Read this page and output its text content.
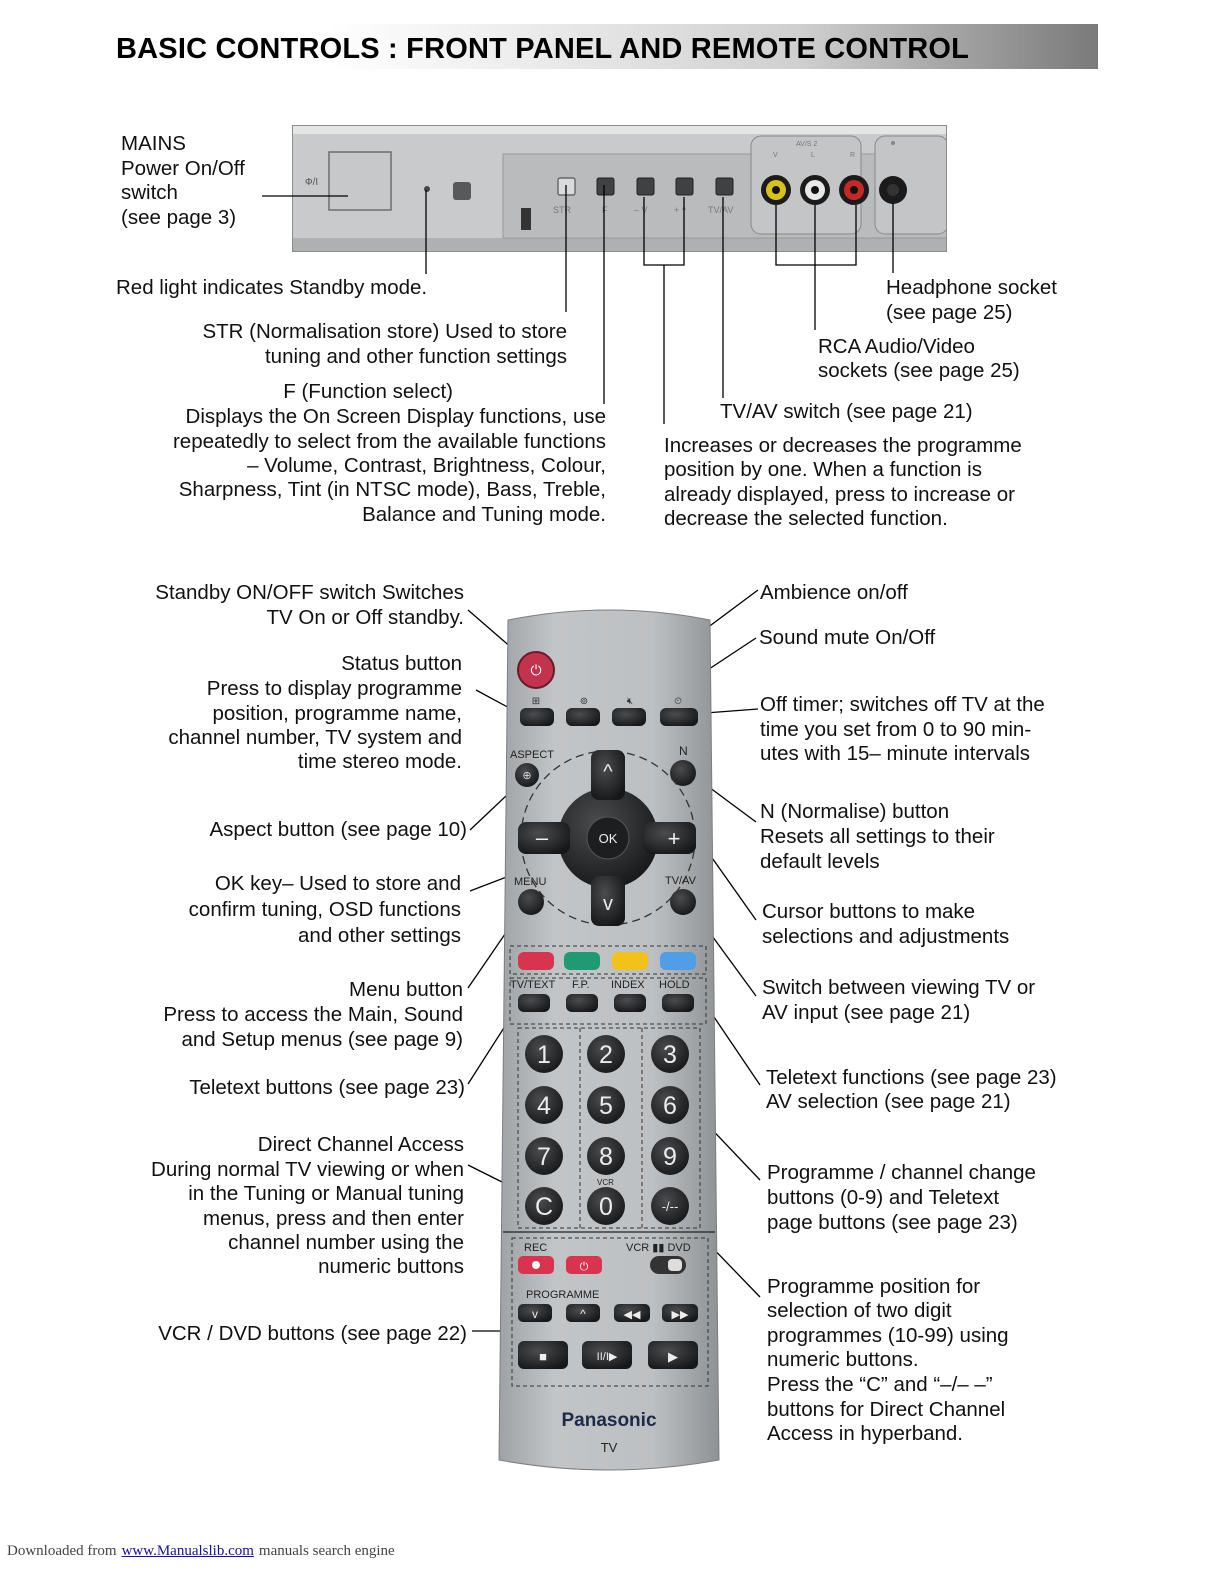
BASIC CONTROLS : FRONT PANEL AND REMOTE CONTROL
Ф/I
STR	F	– V	+ ^ TV/AV
AV/S 2
V	L	R
MAINS
Power On/Off
switch
(see page 3)
Red light indicates Standby mode.
STR (Normalisation store) Used to store
tuning and other function settings
F (Function select)
Displays the On Screen Display functions, use
repeatedly to select from the available functions
– Volume, Contrast, Brightness, Colour,
Sharpness, Tint (in NTSC mode), Bass, Treble,
Balance and Tuning mode.
Headphone socket
(see page 25)
RCA Audio/Video
sockets (see page 25)
TV/AV switch (see page 21)
Increases or decreases the programme
position by one. When a function is
already displayed, press to increase or
decrease the selected function.
Standby ON/OFF switch Switches
TV On or Off standby.
Status button
Press to display programme
position, programme name,
channel number, TV system and
time stereo mode.
Aspect button (see page 10)
OK key– Used to store and
confirm tuning, OSD functions
and other settings
Menu button
Press to access the Main, Sound
and Setup menus (see page 9)
Teletext buttons (see page 23)
Direct Channel Access
During normal TV viewing or when
in the Tuning or Manual tuning
menus, press and then enter
channel number using the
numeric buttons
VCR / DVD buttons (see page 22)
Ambience on/off
Sound mute On/Off
Off timer; switches off TV at the
time you set from 0 to 90 min-
utes with 15– minute intervals
N (Normalise) button
Resets all settings to their
default levels
Cursor buttons to make
selections and adjustments
Switch between viewing TV or
AV input (see page 21)
Teletext functions (see page 23)
AV selection (see page 21)
Programme / channel change
buttons (0-9) and Teletext
page buttons (see page 23)
Programme position for
selection of two digit
programmes (10-99) using
numeric buttons.
Press the “C” and “–/– –”
buttons for Direct Channel
Access in hyperband.
⏻
⊞	⊚	🔇︎	⏲
ASPECT
⊕
N
^
v
–	+
OK
MENU	TV/AV
TV/TEXT F.P. INDEX HOLD
1 2 3
4 5 6
7 8 9
C 0	-/--
VCR
REC	VCR ▮▮ DVD
⏻
PROGRAMME
v	^	◀◀	▶▶
■	II/I▶	▶
Panasonic
TV
Downloaded from www.Manualslib.com manuals search engine
